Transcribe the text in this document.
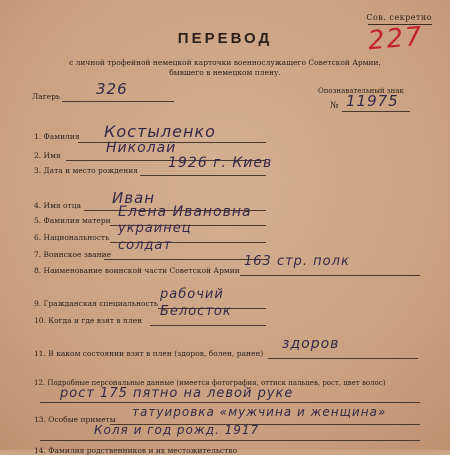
Сов. секретно
227
ПЕРЕВОД
с личной трофейной немецкой карточки военнослужащего Советской Армии,
бывшего в немецком плену.
Лагерь 326	Опознавательный знак
№ 11975
1. Фамилия Костыленко
2. Имя	Николай
3. Дата и место рождения 1926 г. Киев
4. Имя отца Иван
5. Фамилия матери
Елена Ивановна
6. Национальность
украинец
7. Воинское звание
солдат
8. Наименование воинской части Советской Армии
163 стр. полк
9. Гражданская специальность
рабочий
10. Когда и где взят в плен
Белосток
11. В каком состоянии взят в плен (здоров, болен, ранен)
здоров
12. Подробные персональные данные (имеется фотография, оттиск пальцев, рост, цвет волос)
рост 175 пятно на левой руке
13. Особые приметы
татуировка «мужчина и женщина»
Коля и год рожд. 1917
14. Фамилия родственников и их местожительство
